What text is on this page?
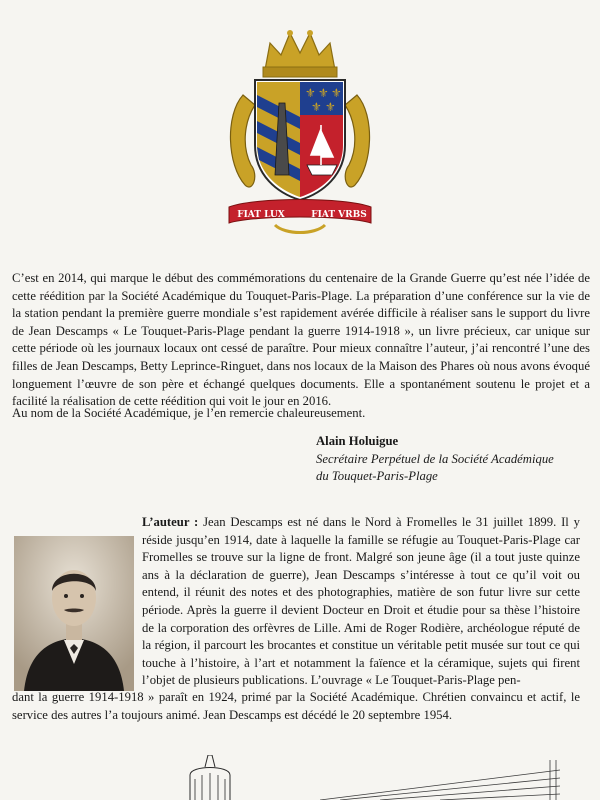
⚜ ⚜ ⚜
⚜ ⚜
FIAT LUX	FIAT VRBS

C’est en 2014, qui marque le début des commémorations du centenaire de la Grande Guerre qu’est née l’idée de cette réédition par la Société Académique du Touquet-Paris-Plage. La préparation d’une conférence sur la vie de la station pendant la première guerre mondiale s’est rapidement avérée difficile à réaliser sans le support du livre de Jean Descamps « Le Touquet-Paris-Plage pendant la guerre 1914-1918 », un livre précieux, car unique sur cette période où les journaux locaux ont cessé de paraître. Pour mieux connaître l’auteur, j’ai rencontré l’une des filles de Jean Descamps, Betty Leprince-Ringuet, dans nos locaux de la Maison des Phares où nous avons évoqué longuement l’œuvre de son père et échangé quelques documents. Elle a spontanément soutenu le projet et a facilité la réalisation de cette réédition qui voit le jour en 2016.

Au nom de la Société Académique, je l’en remercie chaleureusement.

Alain Holuigue

Secrétaire Perpétuel de la Société Académique

du Touquet-Paris-Plage

L’auteur : Jean Descamps est né dans le Nord à Fromelles le 31 juillet 1899. Il y réside jusqu’en 1914, date à laquelle la famille se réfugie au Touquet-Paris-Plage car Fromelles se trouve sur la ligne de front. Malgré son jeune âge (il a tout juste quinze ans à la déclaration de guerre), Jean Descamps s’intéresse à tout ce qu’il voit ou entend, il réunit des notes et des photographies, matière de son futur livre sur cette période. Après la guerre il devient Docteur en Droit et étudie pour sa thèse l’histoire de la corporation des orfèvres de Lille. Ami de Roger Rodière, archéologue réputé de la région, il parcourt les brocantes et constitue un véritable petit musée sur tout ce qui touche à l’histoire, à l’art et notamment la faïence et la céramique, sujets qui firent l’objet de plusieurs publications. L’ouvrage « Le Touquet-Paris-Plage pen-

dant la guerre 1914-1918 » paraît en 1924, primé par la Société Académique. Chrétien convaincu et actif, le service des autres l’a toujours animé. Jean Descamps est décédé le 20 septembre 1954.
